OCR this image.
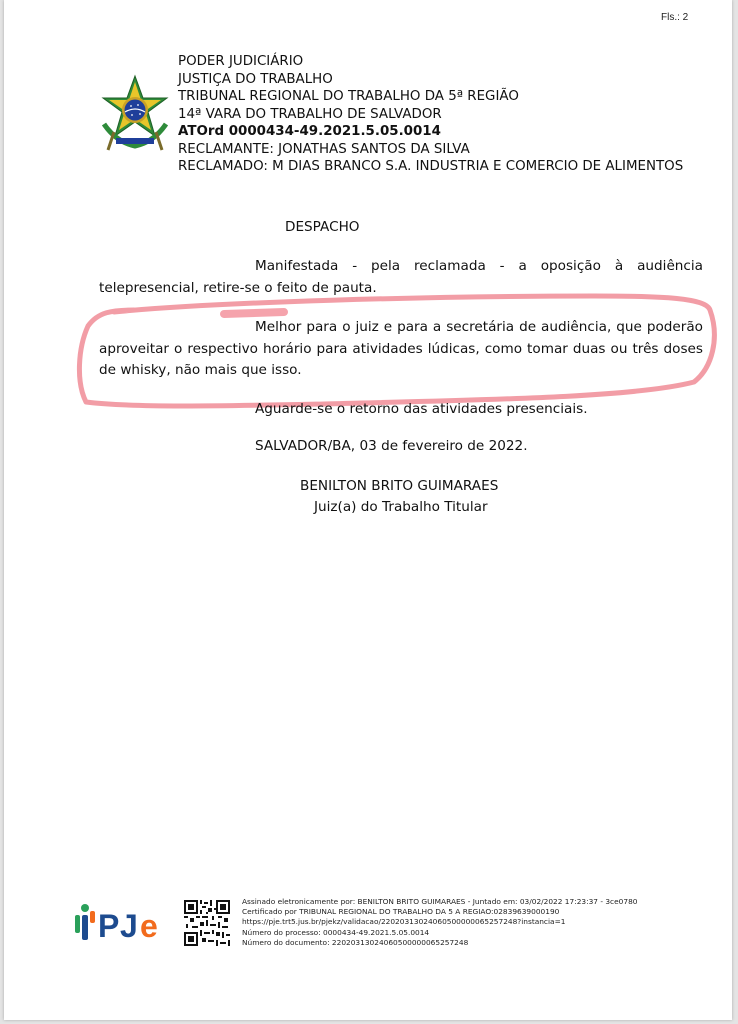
Fls.: 2
PODER JUDICIÁRIO
JUSTIÇA DO TRABALHO
TRIBUNAL REGIONAL DO TRABALHO DA 5ª REGIÃO
14ª VARA DO TRABALHO DE SALVADOR
ATOrd 0000434-49.2021.5.05.0014
RECLAMANTE: JONATHAS SANTOS DA SILVA
RECLAMADO: M DIAS BRANCO S.A. INDUSTRIA E COMERCIO DE ALIMENTOS
DESPACHO
Manifestada - pela reclamada - a oposição à audiência telepresencial, retire-se o feito de pauta.
Melhor para o juiz e para a secretária de audiência, que poderão aproveitar o respectivo horário para atividades lúdicas, como tomar duas ou três doses de whisky, não mais que isso.
Aguarde-se o retorno das atividades presenciais.
SALVADOR/BA, 03 de fevereiro de 2022.
BENILTON BRITO GUIMARAES
Juiz(a) do Trabalho Titular
P J e
Assinado eletronicamente por: BENILTON BRITO GUIMARAES - Juntado em: 03/02/2022 17:23:37 - 3ce0780
Certificado por TRIBUNAL REGIONAL DO TRABALHO DA 5 A REGIAO:02839639000190
https://pje.trt5.jus.br/pjekz/validacao/22020313024060500000065257248?instancia=1
Número do processo: 0000434-49.2021.5.05.0014
Número do documento: 22020313024060500000065257248
